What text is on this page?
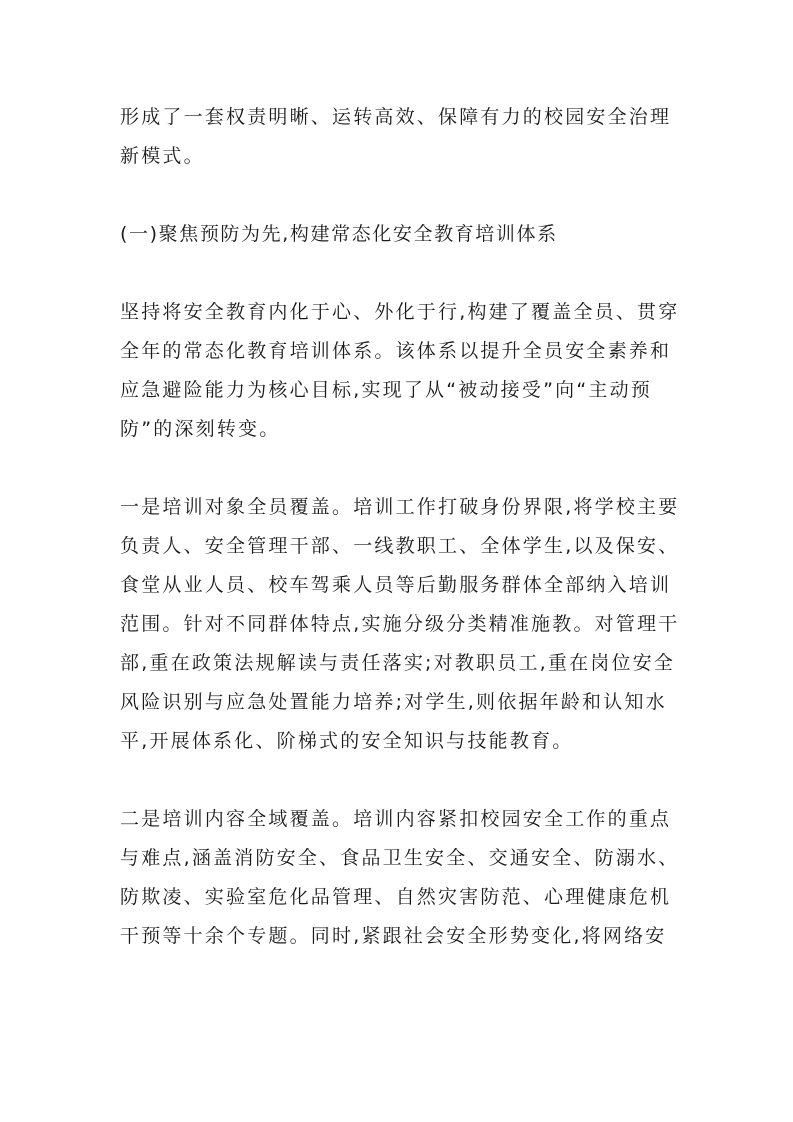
形成了一套权责明晰、运转高效、保障有力的校园安全治理
新模式。
(一)聚焦预防为先,构建常态化安全教育培训体系
坚持将安全教育内化于心、外化于行,构建了覆盖全员、贯穿
全年的常态化教育培训体系。该体系以提升全员安全素养和
应急避险能力为核心目标,实现了从“被动接受”向“主动预
防”的深刻转变。
一是培训对象全员覆盖。培训工作打破身份界限,将学校主要
负责人、安全管理干部、一线教职工、全体学生,以及保安、
食堂从业人员、校车驾乘人员等后勤服务群体全部纳入培训
范围。针对不同群体特点,实施分级分类精准施教。对管理干
部,重在政策法规解读与责任落实;对教职员工,重在岗位安全
风险识别与应急处置能力培养;对学生,则依据年龄和认知水
平,开展体系化、阶梯式的安全知识与技能教育。
二是培训内容全域覆盖。培训内容紧扣校园安全工作的重点
与难点,涵盖消防安全、食品卫生安全、交通安全、防溺水、
防欺凌、实验室危化品管理、自然灾害防范、心理健康危机
干预等十余个专题。同时,紧跟社会安全形势变化,将网络安
